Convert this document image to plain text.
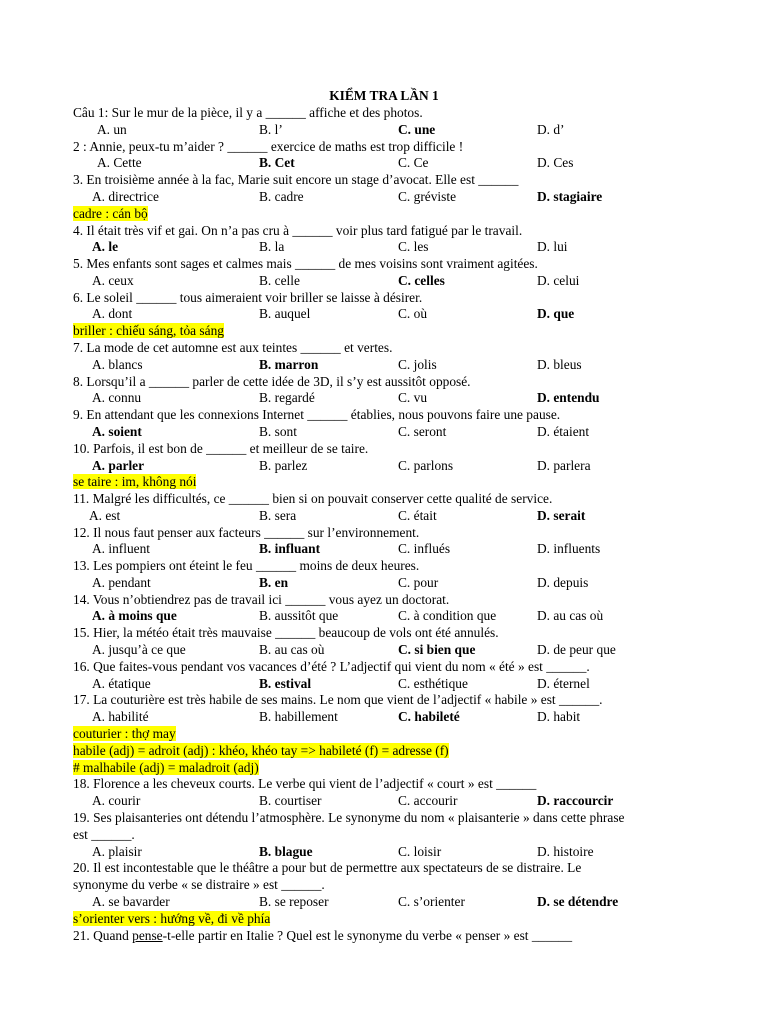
KIỂM TRA LẦN 1
Câu 1: Sur le mur de la pièce, il y a ______ affiche et des photos.
A. un	B. l’	C. une	D. d’
2 : Annie, peux-tu m’aider ? ______ exercice de maths est trop difficile !
A. Cette	B. Cet	C. Ce	D. Ces
3. En troisième année à la fac, Marie suit encore un stage d’avocat. Elle est ______
A. directrice	B. cadre	C. gréviste	D. stagiaire
cadre : cán bộ
4. Il était très vif et gai. On n’a pas cru à ______ voir plus tard fatigué par le travail.
A. le	B. la	C. les	D. lui
5. Mes enfants sont sages et calmes mais ______ de mes voisins sont vraiment agitées.
A. ceux	B. celle	C. celles	D. celui
6. Le soleil ______ tous aimeraient voir briller se laisse à désirer.
A. dont	B. auquel	C. où	D. que
briller : chiếu sáng, tỏa sáng
7. La mode de cet automne est aux teintes ______ et vertes.
A. blancs	B. marron	C. jolis	D. bleus
8. Lorsqu’il a ______ parler de cette idée de 3D, il s’y est aussitôt opposé.
A. connu	B. regardé	C. vu	D. entendu
9. En attendant que les connexions Internet ______ établies, nous pouvons faire une pause.
A. soient	B. sont	C. seront	D. étaient
10. Parfois, il est bon de ______ et meilleur de se taire.
A. parler	B. parlez	C. parlons	D. parlera
se taire : im, không nói
11. Malgré les difficultés, ce ______ bien si on pouvait conserver cette qualité de service.
A. est	B. sera	C. était	D. serait
12. Il nous faut penser aux facteurs ______ sur l’environnement.
A. influent	B. influant	C. influés	D. influents
13. Les pompiers ont éteint le feu ______ moins de deux heures.
A. pendant	B. en	C. pour	D. depuis
14. Vous n’obtiendrez pas de travail ici ______ vous ayez un doctorat.
A. à moins que	B. aussitôt que	C. à condition que	D. au cas où
15. Hier, la météo était très mauvaise ______ beaucoup de vols ont été annulés.
A. jusqu’à ce que	B. au cas où	C. si bien que	D. de peur que
16. Que faites-vous pendant vos vacances d’été ? L’adjectif qui vient du nom « été » est ______.
A. étatique	B. estival	C. esthétique	D. éternel
17. La couturière est très habile de ses mains. Le nom que vient de l’adjectif « habile » est ______.
A. habilité	B. habillement	C. habileté	D. habit
couturier : thợ may
habile (adj) = adroit (adj) : khéo, khéo tay => habileté (f) = adresse (f)
# malhabile (adj) = maladroit (adj)
18. Florence a les cheveux courts. Le verbe qui vient de l’adjectif « court » est ______
A. courir	B. courtiser	C. accourir	D. raccourcir
19. Ses plaisanteries ont détendu l’atmosphère. Le synonyme du nom « plaisanterie » dans cette phrase
est ______.
A. plaisir	B. blague	C. loisir	D. histoire
20. Il est incontestable que le théâtre a pour but de permettre aux spectateurs de se distraire. Le
synonyme du verbe « se distraire » est ______.
A. se bavarder	B. se reposer	C. s’orienter	D. se détendre
s’orienter vers : hướng về, đi về phía
21. Quand pense-t-elle partir en Italie ? Quel est le synonyme du verbe « penser » est ______
